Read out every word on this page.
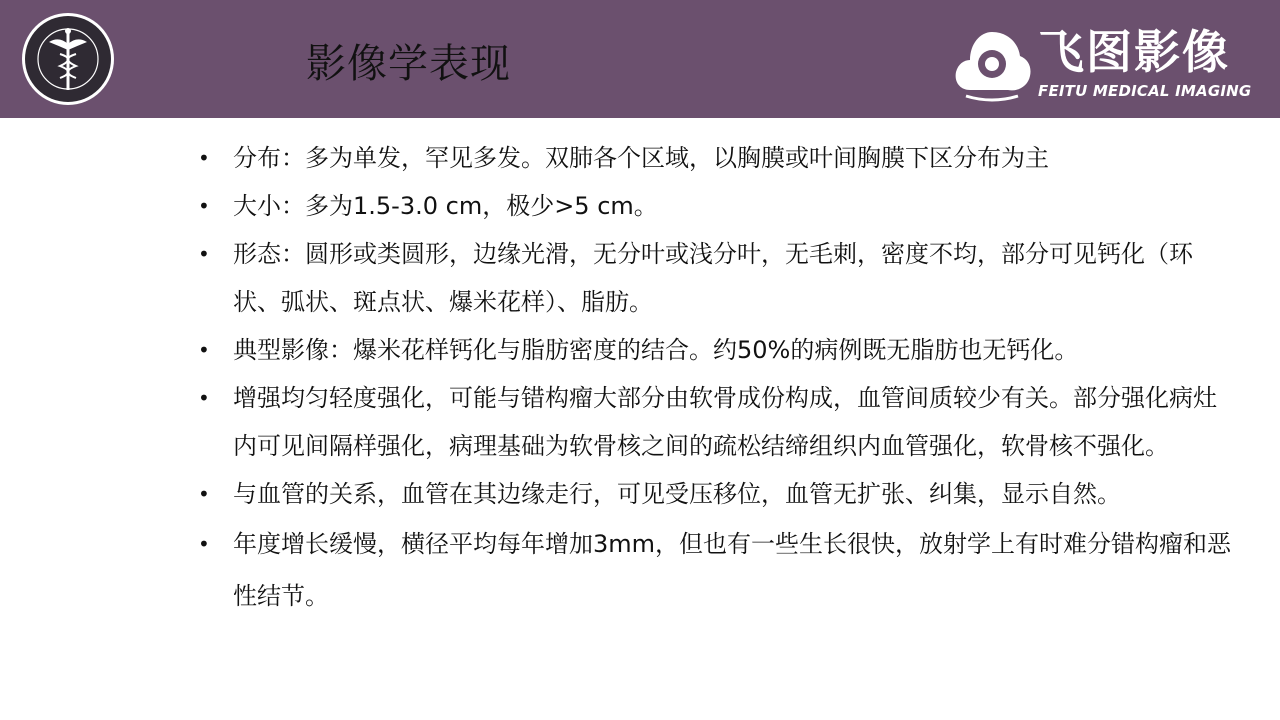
影像学表现	飞图影像
FEITU MEDICAL IMAGING
• 分布：多为单发，罕见多发。双肺各个区域，以胸膜或叶间胸膜下区分布为主
• 大小：多为1.5-3.0 cm，极少>5 cm。
• 形态：圆形或类圆形，边缘光滑，无分叶或浅分叶，无毛刺，密度不均，部分可见钙化（环状、弧状、斑点状、爆米花样）、脂肪。
• 典型影像：爆米花样钙化与脂肪密度的结合。约50%的病例既无脂肪也无钙化。
• 增强均匀轻度强化，可能与错构瘤大部分由软骨成份构成，血管间质较少有关。部分强化病灶内可见间隔样强化，病理基础为软骨核之间的疏松结缔组织内血管强化，软骨核不强化。
• 与血管的关系，血管在其边缘走行，可见受压移位，血管无扩张、纠集，显示自然。
• 年度增长缓慢，横径平均每年增加3mm，但也有一些生长很快，放射学上有时难分错构瘤和恶性结节。
